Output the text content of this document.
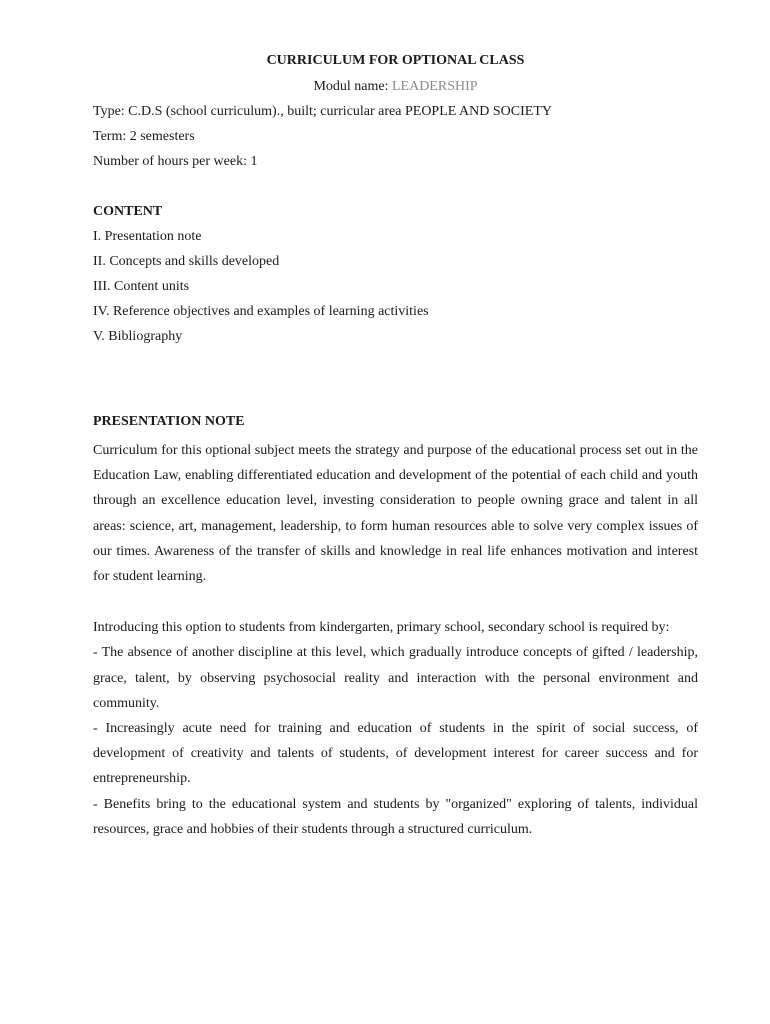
CURRICULUM FOR OPTIONAL CLASS

Modul name: LEADERSHIP

Type: C.D.S (school curriculum)., built; curricular area PEOPLE AND SOCIETY

Term: 2 semesters

Number of hours per week: 1

CONTENT

I. Presentation note

II. Concepts and skills developed

III. Content units

IV. Reference objectives and examples of learning activities

V. Bibliography

PRESENTATION NOTE

Curriculum for this optional subject meets the strategy and purpose of the educational process set out in the Education Law, enabling differentiated education and development of the potential of each child and youth through an excellence education level, investing consideration to people owning grace and talent in all areas: science, art, management, leadership, to form human resources able to solve very complex issues of our times. Awareness of the transfer of skills and knowledge in real life enhances motivation and interest for student learning.

Introducing this option to students from kindergarten, primary school, secondary school is required by:

- The absence of another discipline at this level, which gradually introduce concepts of gifted / leadership, grace, talent, by observing psychosocial reality and interaction with the personal environment and community.

- Increasingly acute need for training and education of students in the spirit of social success, of development of creativity and talents of students, of development interest for career success and for entrepreneurship.

- Benefits bring to the educational system and students by "organized" exploring of talents, individual resources, grace and hobbies of their students through a structured curriculum.
